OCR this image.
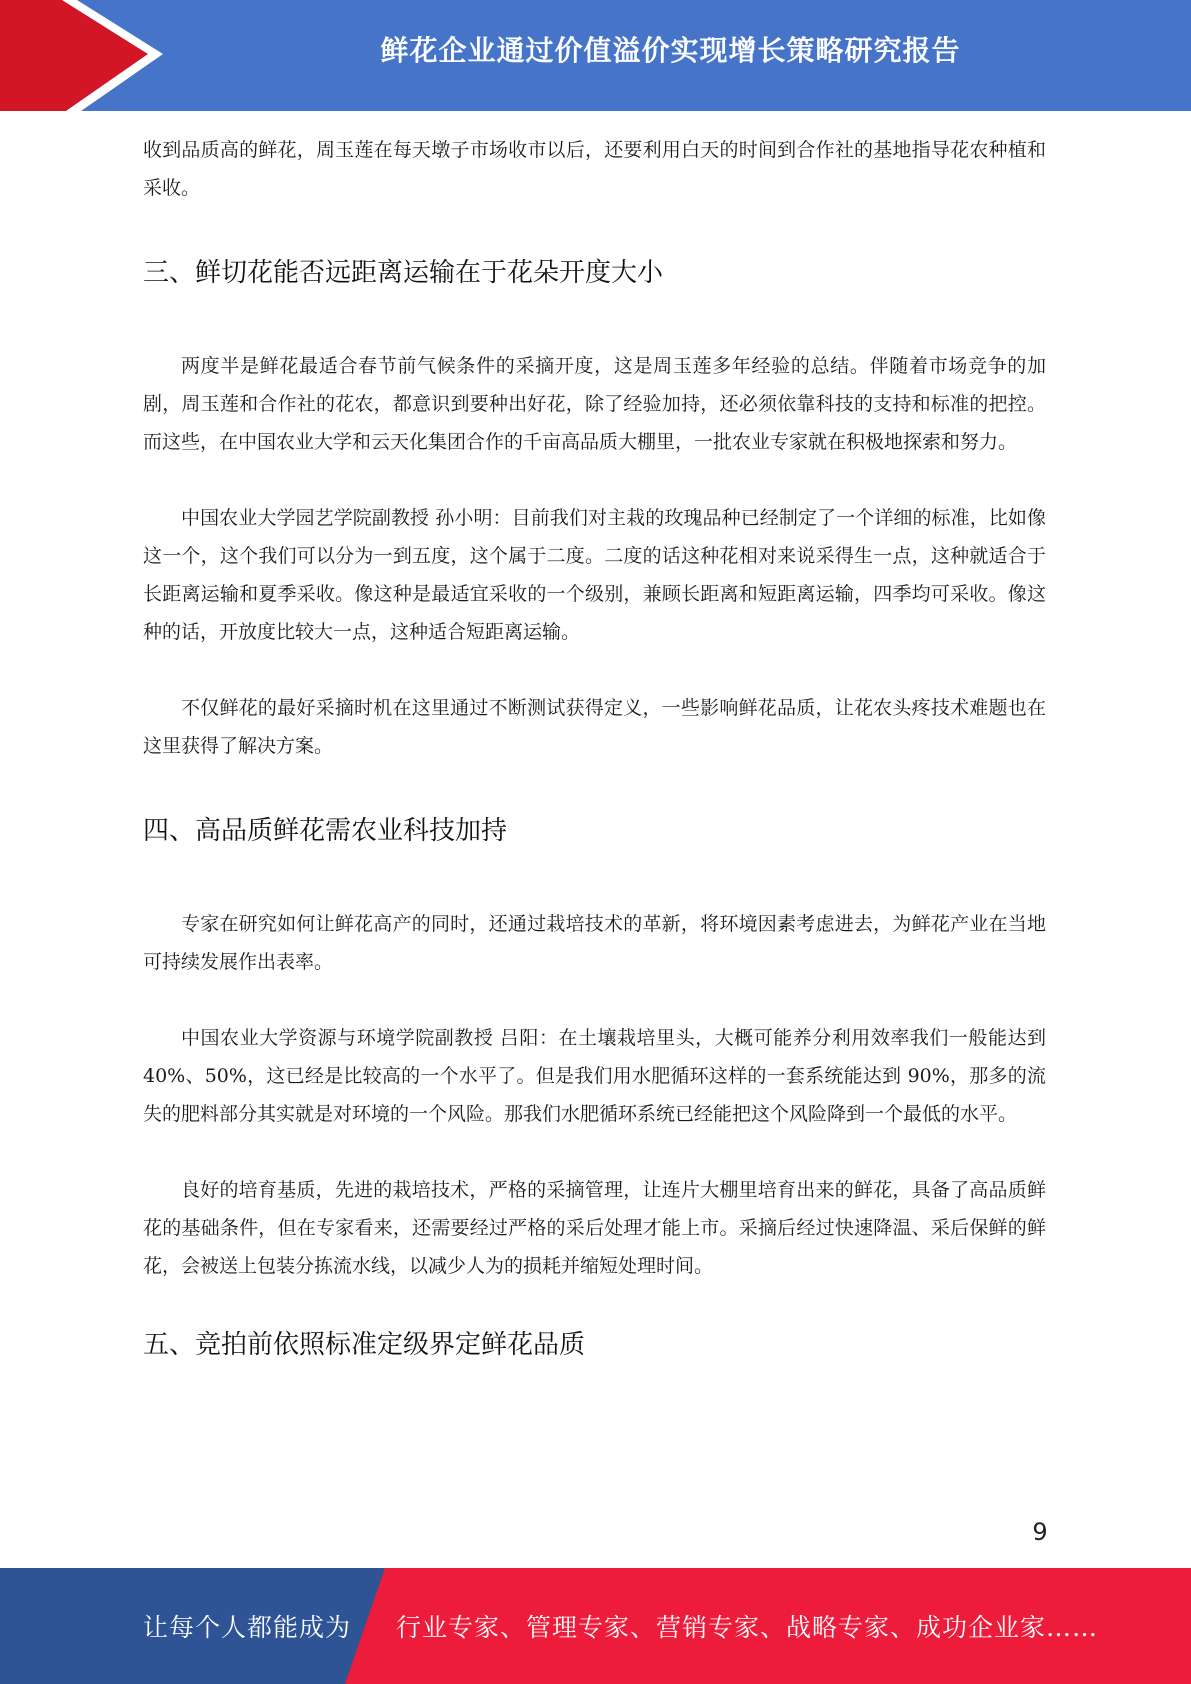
鲜花企业通过价值溢价实现增长策略研究报告

收到品质高的鲜花，周玉莲在每天墩子市场收市以后，还要利用白天的时间到合作社的基地指导花农种植和采收。

三、鲜切花能否远距离运输在于花朵开度大小

两度半是鲜花最适合春节前气候条件的采摘开度，这是周玉莲多年经验的总结。伴随着市场竞争的加剧，周玉莲和合作社的花农，都意识到要种出好花，除了经验加持，还必须依靠科技的支持和标准的把控。而这些，在中国农业大学和云天化集团合作的千亩高品质大棚里，一批农业专家就在积极地探索和努力。

中国农业大学园艺学院副教授 孙小明：目前我们对主栽的玫瑰品种已经制定了一个详细的标准，比如像这一个，这个我们可以分为一到五度，这个属于二度。二度的话这种花相对来说采得生一点，这种就适合于长距离运输和夏季采收。像这种是最适宜采收的一个级别，兼顾长距离和短距离运输，四季均可采收。像这种的话，开放度比较大一点，这种适合短距离运输。

不仅鲜花的最好采摘时机在这里通过不断测试获得定义，一些影响鲜花品质，让花农头疼技术难题也在这里获得了解决方案。

四、高品质鲜花需农业科技加持

专家在研究如何让鲜花高产的同时，还通过栽培技术的革新，将环境因素考虑进去，为鲜花产业在当地可持续发展作出表率。

中国农业大学资源与环境学院副教授 吕阳：在土壤栽培里头，大概可能养分利用效率我们一般能达到 40%、50%，这已经是比较高的一个水平了。但是我们用水肥循环这样的一套系统能达到 90%，那多的流失的肥料部分其实就是对环境的一个风险。那我们水肥循环系统已经能把这个风险降到一个最低的水平。

良好的培育基质，先进的栽培技术，严格的采摘管理，让连片大棚里培育出来的鲜花，具备了高品质鲜花的基础条件，但在专家看来，还需要经过严格的采后处理才能上市。采摘后经过快速降温、采后保鲜的鲜花，会被送上包装分拣流水线，以减少人为的损耗并缩短处理时间。

五、竞拍前依照标准定级界定鲜花品质
9
让每个人都能成为 行业专家、管理专家、营销专家、战略专家、成功企业家……
